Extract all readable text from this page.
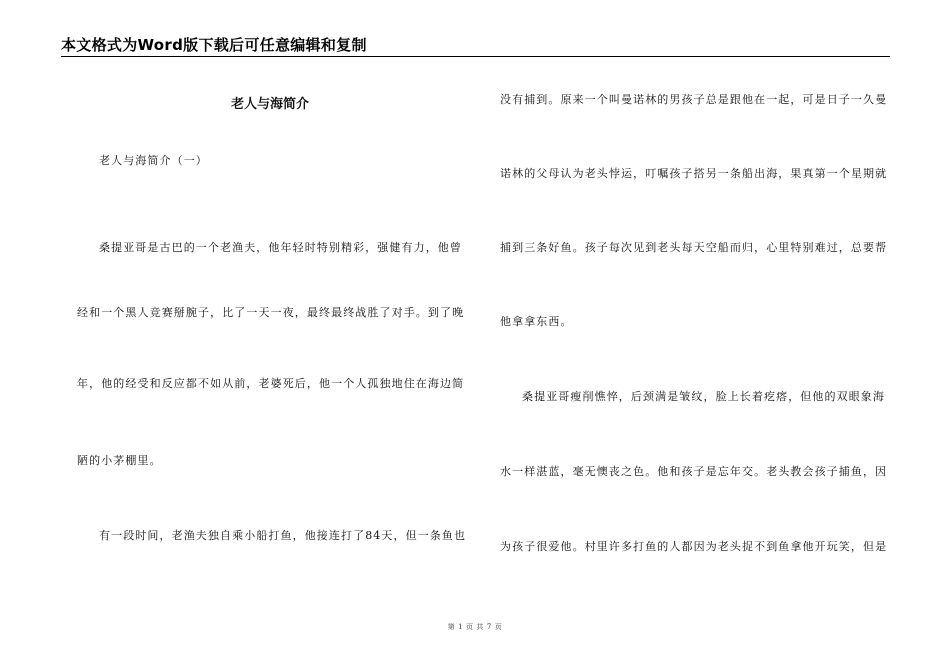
本文格式为Word版下载后可任意编辑和复制
老人与海简介
老人与海简介（一）
桑提亚哥是古巴的一个老渔夫，他年轻时特别精彩，强健有力，他曾
经和一个黑人竞赛掰腕子，比了一天一夜，最终最终战胜了对手。到了晚
年，他的经受和反应都不如从前，老婆死后，他一个人孤独地住在海边简
陋的小茅棚里。
有一段时间，老渔夫独自乘小船打鱼，他接连打了84天，但一条鱼也
没有捕到。原来一个叫曼诺林的男孩子总是跟他在一起，可是日子一久曼
诺林的父母认为老头悖运，叮嘱孩子搭另一条船出海，果真第一个星期就
捕到三条好鱼。孩子每次见到老头每天空船而归，心里特别难过，总要帮
他拿拿东西。
桑提亚哥瘦削憔悴，后颈满是皱纹，脸上长着疙瘩，但他的双眼象海
水一样湛蓝，毫无懊丧之色。他和孩子是忘年交。老头教会孩子捕鱼，因
为孩子很爱他。村里许多打鱼的人都因为老头捉不到鱼拿他开玩笑，但是
第 1 页 共 7 页
